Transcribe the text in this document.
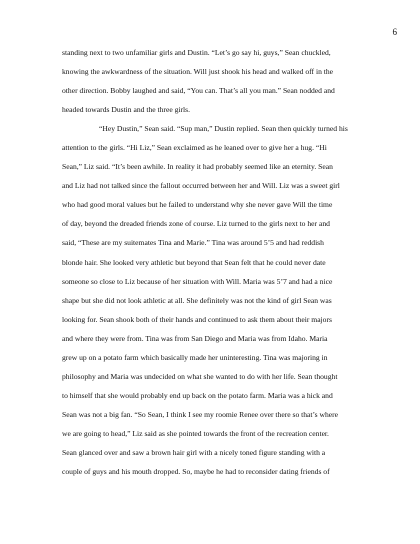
6
standing next to two unfamiliar girls and Dustin. “Let’s go say hi, guys,” Sean chuckled,
knowing the awkwardness of the situation. Will just shook his head and walked off in the
other direction. Bobby laughed and said, “You can. That’s all you man.” Sean nodded and
headed towards Dustin and the three girls.
“Hey Dustin,” Sean said. “Sup man,” Dustin replied. Sean then quickly turned his
attention to the girls. “Hi Liz,” Sean exclaimed as he leaned over to give her a hug. “Hi
Sean,” Liz said. “It’s been awhile. In reality it had probably seemed like an eternity. Sean
and Liz had not talked since the fallout occurred between her and Will. Liz was a sweet girl
who had good moral values but he failed to understand why she never gave Will the time
of day, beyond the dreaded friends zone of course. Liz turned to the girls next to her and
said, “These are my suitemates Tina and Marie.” Tina was around 5’5 and had reddish
blonde hair. She looked very athletic but beyond that Sean felt that he could never date
someone so close to Liz because of her situation with Will. Maria was 5’7 and had a nice
shape but she did not look athletic at all. She definitely was not the kind of girl Sean was
looking for. Sean shook both of their hands and continued to ask them about their majors
and where they were from. Tina was from San Diego and Maria was from Idaho. Maria
grew up on a potato farm which basically made her uninteresting. Tina was majoring in
philosophy and Maria was undecided on what she wanted to do with her life. Sean thought
to himself that she would probably end up back on the potato farm. Maria was a hick and
Sean was not a big fan. “So Sean, I think I see my roomie Renee over there so that’s where
we are going to head,” Liz said as she pointed towards the front of the recreation center.
Sean glanced over and saw a brown hair girl with a nicely toned figure standing with a
couple of guys and his mouth dropped. So, maybe he had to reconsider dating friends of
